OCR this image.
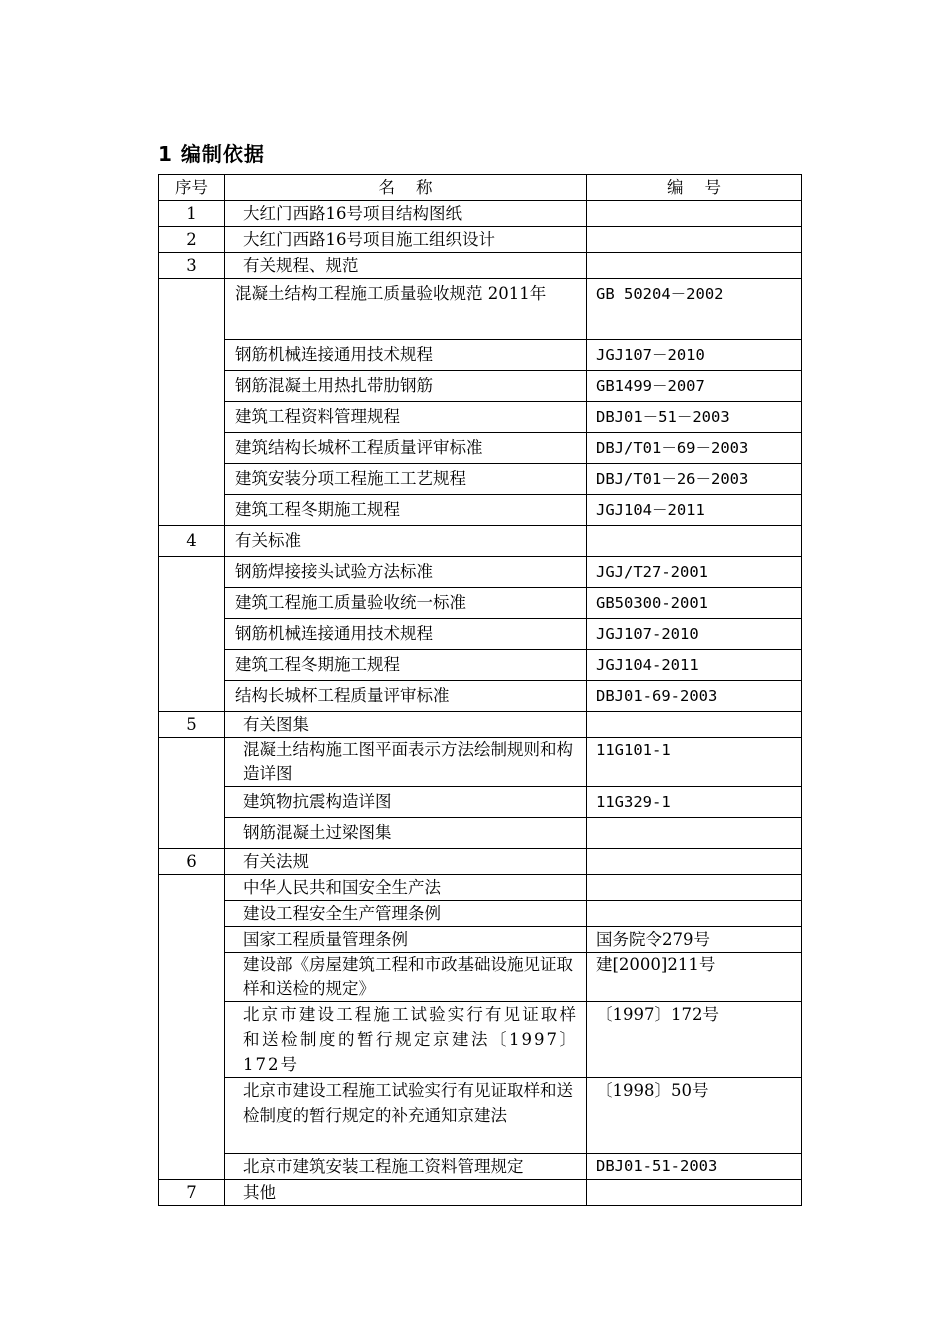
1 编制依据
序号	名    称	编    号
1	大红门西路16号项目结构图纸	
2	大红门西路16号项目施工组织设计	
3	有关规程、规范	
	混凝土结构工程施工质量验收规范 2011年	GB 50204－2002
	钢筋机械连接通用技术规程	JGJ107－2010
	钢筋混凝土用热扎带肋钢筋	GB1499－2007
	建筑工程资料管理规程	DBJ01－51－2003
	建筑结构长城杯工程质量评审标准	DBJ/T01－69－2003
	建筑安装分项工程施工工艺规程	DBJ/T01－26－2003
	建筑工程冬期施工规程	JGJ104－2011
4	有关标准	
	钢筋焊接接头试验方法标准	JGJ/T27-2001
	建筑工程施工质量验收统一标准	GB50300-2001
	钢筋机械连接通用技术规程	JGJ107-2010
	建筑工程冬期施工规程	JGJ104-2011
	结构长城杯工程质量评审标准	DBJ01-69-2003
5	有关图集	
	混凝土结构施工图平面表示方法绘制规则和构造详图	11G101-1
	建筑物抗震构造详图	11G329-1
	钢筋混凝土过梁图集	
6	有关法规	
	中华人民共和国安全生产法	
	建设工程安全生产管理条例	
	国家工程质量管理条例	国务院令279号
	建设部《房屋建筑工程和市政基础设施见证取样和送检的规定》	建[2000]211号
	北京市建设工程施工试验实行有见证取样和送检制度的暂行规定京建法〔1997〕172号	〔1997〕172号
	北京市建设工程施工试验实行有见证取样和送检制度的暂行规定的补充通知京建法	〔1998〕50号
	北京市建筑安装工程施工资料管理规定	DBJ01-51-2003
7	其他	
